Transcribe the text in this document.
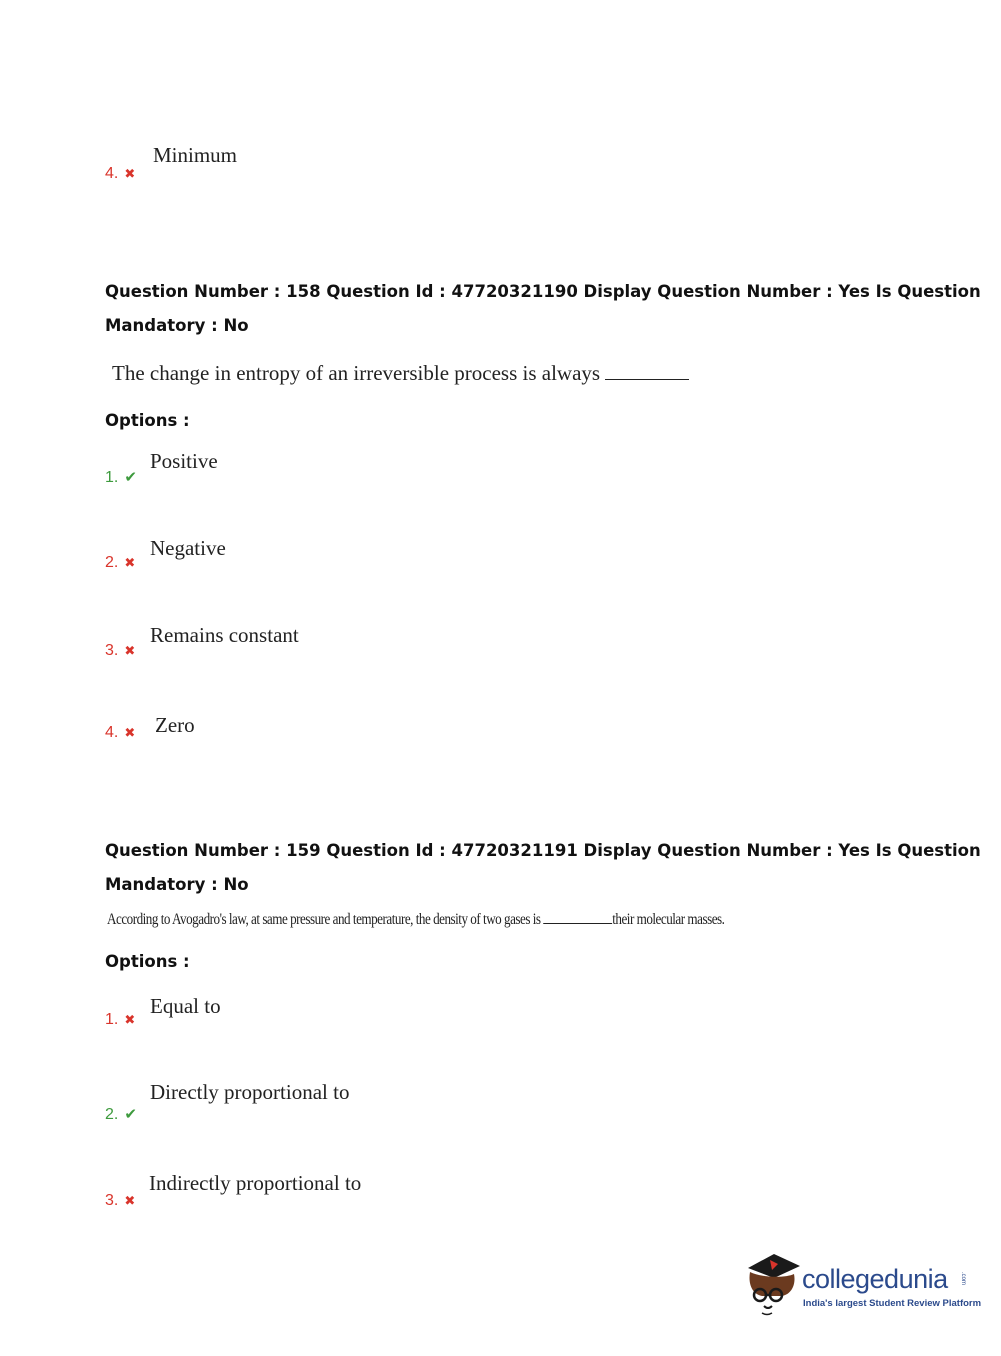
Minimum
4. ✖
Question Number : 158 Question Id : 47720321190 Display Question Number : Yes Is Question
Mandatory : No
The change in entropy of an irreversible process is always
Options :
Positive
1. ✔
Negative
2. ✖
Remains constant
3. ✖
Zero
4. ✖
Question Number : 159 Question Id : 47720321191 Display Question Number : Yes Is Question
Mandatory : No
According to Avogadro's law, at same pressure and temperature, the density of two gases is	their molecular masses.
Options :
Equal to
1. ✖
Directly proportional to
2. ✔
Indirectly proportional to
3. ✖
collegedunia .com
India's largest Student Review Platform
